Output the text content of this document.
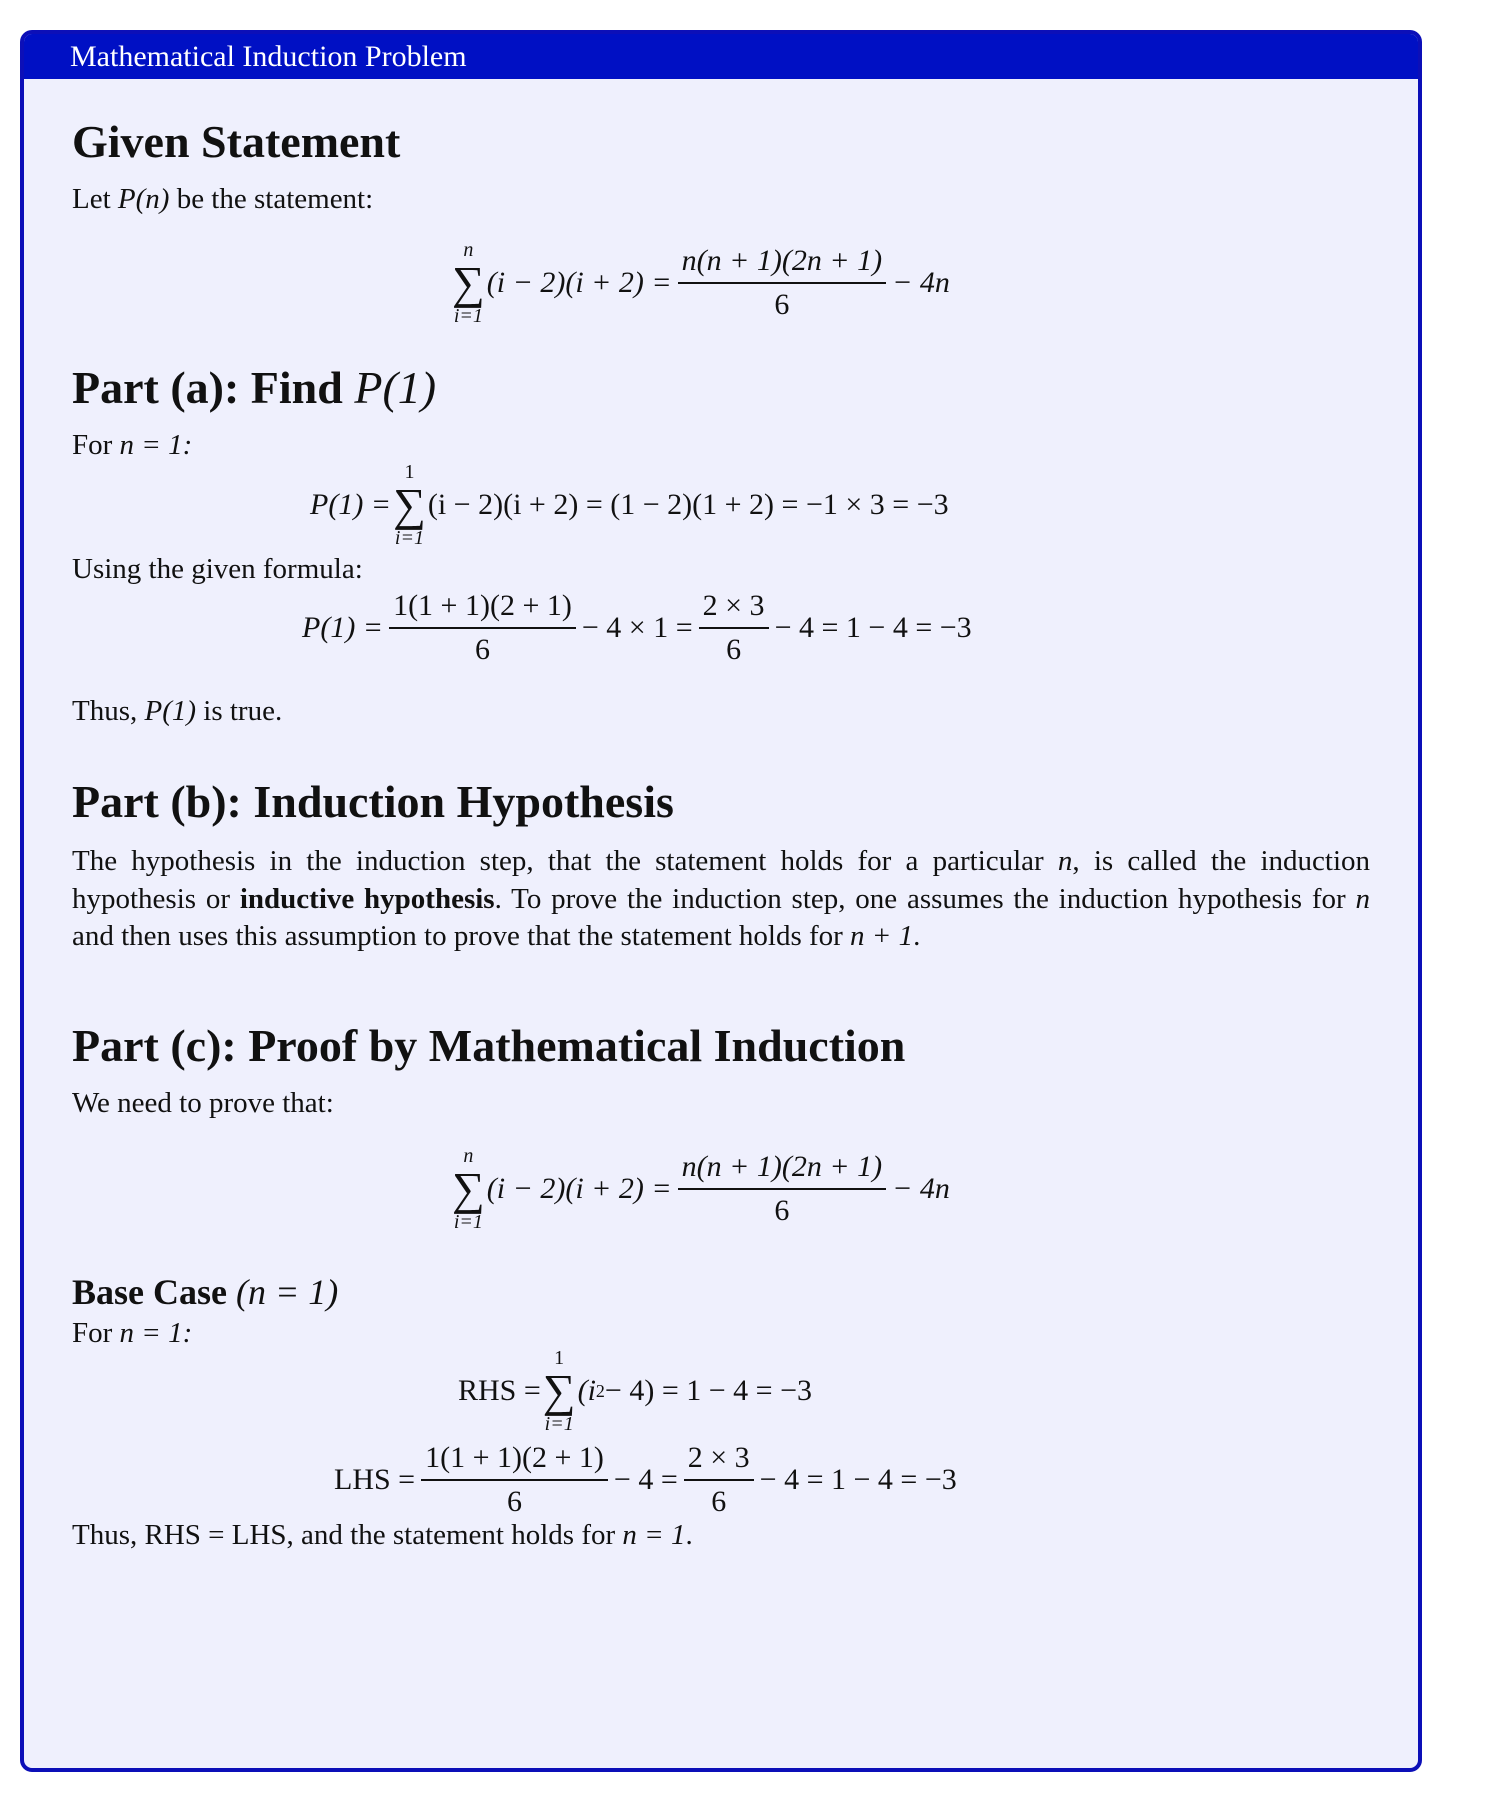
Mathematical Induction Problem
Given Statement
Let P(n) be the statement:
n
∑
i=1
$(i - 2)(i + 2) = \frac{n(n + 1)(2n + 1)}{6} - 4n$
Part (a): Find P(1)
For n = 1:
P(1) =
1
∑
i=1
(i − 2)(i + 2) = (1 − 2)(1 + 2) = −1 × 3 = −3
Using the given formula:
$P(1) = \frac{1(1 + 1)(2 + 1)}{6} - 4 \times 1 = \frac{2 \times 3}{6} - 4 = 1 - 4 = -3$
Thus, P(1) is true.
Part (b): Induction Hypothesis
The hypothesis in the induction step, that the statement holds for a particular n, is called the induction hypothesis or inductive hypothesis. To prove the induction step, one assumes the induction hypothesis for n and then uses this assumption to prove that the statement holds for n + 1.
Part (c): Proof by Mathematical Induction
We need to prove that:
n
∑
i=1
$(i - 2)(i + 2) = \frac{n(n + 1)(2n + 1)}{6} - 4n$
Base Case (n = 1)
For n = 1:
RHS =
1
∑
i=1
(i 2 − 4) = 1 − 4 = −3
LHS = $\frac{1(1 + 1)(2 + 1)}{6} - 4 = \frac{2 \times 3}{6} - 4 = 1 - 4 = -3$
Thus, RHS = LHS, and the statement holds for n = 1.
